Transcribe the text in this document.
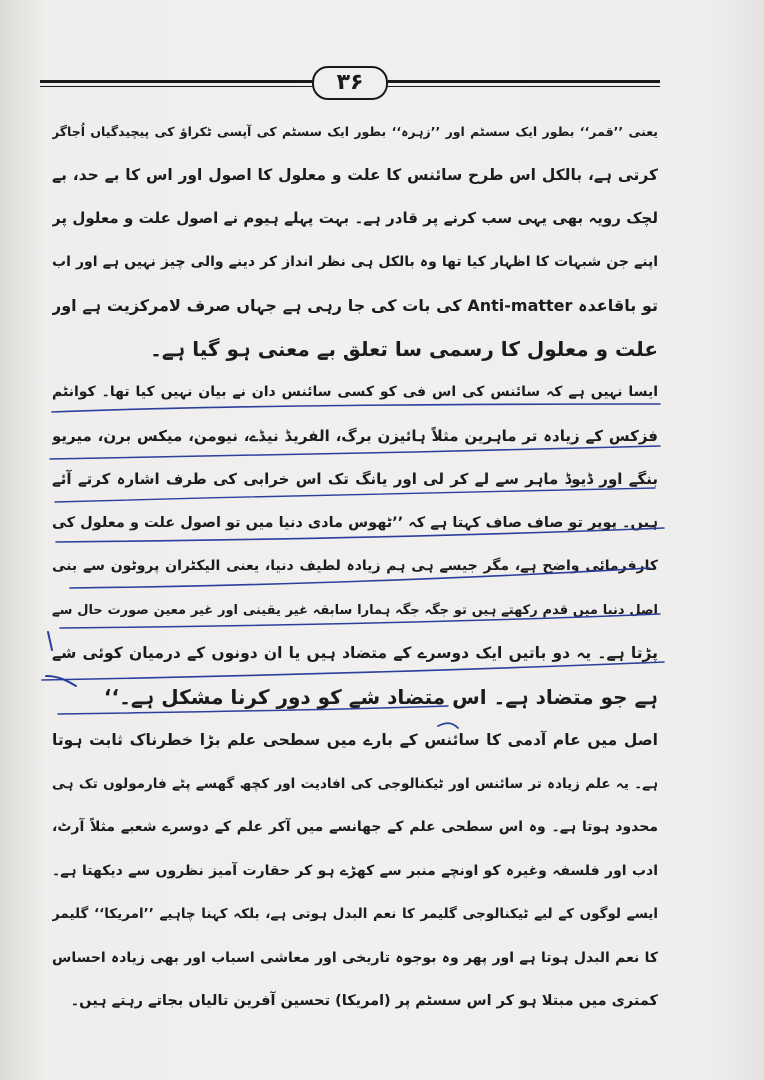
۳۶
یعنی ’’قمر‘‘ بطور ایک سسٹم اور ’’زہرہ‘‘ بطور ایک سسٹم کی آپسی ٹکراؤ کی پیچیدگیاں اُجاگر
کرتی ہے، بالکل اس طرح سائنس کا علت و معلول کا اصول اور اس کا بے حد، بے
لچک رویہ بھی یہی سب کرنے پر قادر ہے۔ بہت پہلے ہیوم نے اصول علت و معلول پر
اپنے جن شبہات کا اظہار کیا تھا وہ بالکل ہی نظر انداز کر دینے والی چیز نہیں ہے اور اب
تو باقاعدہ Anti-matter کی بات کی جا رہی ہے جہاں صرف لامرکزیت ہے اور
علت و معلول کا رسمی سا تعلق بے معنی ہو گیا ہے۔
ایسا نہیں ہے کہ سائنس کی اس فی کو کسی سائنس دان نے بیان نہیں کیا تھا۔ کوانٹم
فزکس کے زیادہ تر ماہرین مثلاً ہائیزن برگ، الفریڈ نیڈے، نیومن، میکس برن، میریو
بنگے اور ڈیوڈ ماہر سے لے کر لی اور یانگ تک اس خرابی کی طرف اشارہ کرتے آئے
ہیں۔ پوپر تو صاف صاف کہتا ہے کہ ’’ٹھوس مادی دنیا میں تو اصول علت و معلول کی
کارفرمائی واضح ہے، مگر جیسے ہی ہم زیادہ لطیف دنیا، یعنی الیکٹران پروٹون سے بنی
اصل دنیا میں قدم رکھتے ہیں تو جگہ جگہ ہمارا سابقہ غیر یقینی اور غیر معین صورت حال سے
پڑتا ہے۔ یہ دو باتیں ایک دوسرے کے متضاد ہیں یا ان دونوں کے درمیان کوئی شے
ہے جو متضاد ہے۔ اس متضاد شے کو دور کرنا مشکل ہے۔‘‘
اصل میں عام آدمی کا سائنس کے بارے میں سطحی علم بڑا خطرناک ثابت ہوتا
ہے۔ یہ علم زیادہ تر سائنس اور ٹیکنالوجی کی افادیت اور کچھ گھسے پٹے فارمولوں تک ہی
محدود ہوتا ہے۔ وہ اس سطحی علم کے جھانسے میں آکر علم کے دوسرے شعبے مثلاً آرٹ،
ادب اور فلسفہ وغیرہ کو اونچے منبر سے کھڑے ہو کر حقارت آمیز نظروں سے دیکھتا ہے۔
ایسے لوگوں کے لیے ٹیکنالوجی گلیمر کا نعم البدل ہوتی ہے، بلکہ کہنا چاہیے ’’امریکا‘‘ گلیمر
کا نعم البدل ہوتا ہے اور پھر وہ بوجوہ تاریخی اور معاشی اسباب اور بھی زیادہ احساس
کمتری میں مبتلا ہو کر اس سسٹم پر (امریکا) تحسین آفرین تالیاں بجاتے رہتے ہیں۔
